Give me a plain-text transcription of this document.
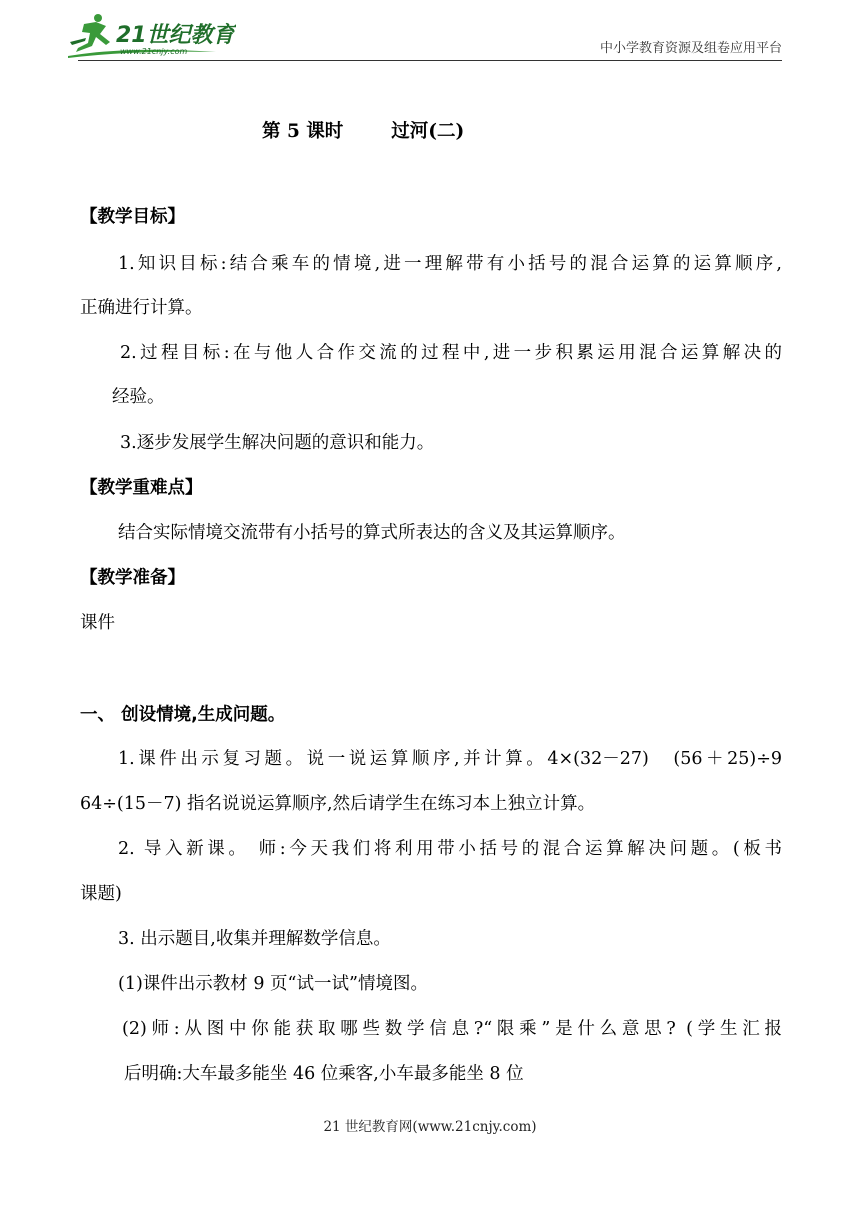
21世纪教育
www.21cnjy.com	中小学教育资源及组卷应用平台
第 5 课时	过河(二)
【教学目标】
1.知识目标:结合乘车的情境,进一理解带有小括号的混合运算的运算顺序,
正确进行计算。
2.过程目标:在与他人合作交流的过程中,进一步积累运用混合运算解决的
经验。
3.逐步发展学生解决问题的意识和能力。
【教学重难点】
结合实际情境交流带有小括号的算式所表达的含义及其运算顺序。
【教学准备】
课件
一、 创设情境,生成问题。
1.课件出示复习题。说一说运算顺序,并计算。4×(32－27)　(56＋25)÷9
64÷(15－7) 指名说说运算顺序,然后请学生在练习本上独立计算。
2. 导入新课。 师:今天我们将利用带小括号的混合运算解决问题。(板书
课题)
3. 出示题目,收集并理解数学信息。
(1)课件出示教材 9 页“试一试”情境图。
(2)师:从图中你能获取哪些数学信息?“限乘”是什么意思? (学生汇报
后明确:大车最多能坐 46 位乘客,小车最多能坐 8 位
21 世纪教育网(www.21cnjy.com)
